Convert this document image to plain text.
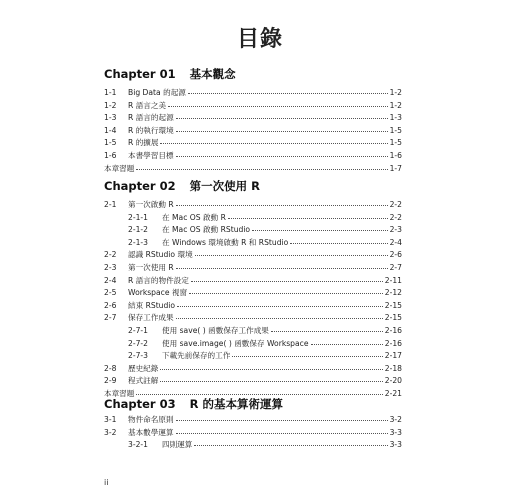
目錄
Chapter 01 基本觀念
1-1	Big Data 的起源	1-2
1-2	R 語言之美	1-2
1-3	R 語言的起源	1-3
1-4	R 的執行環境	1-5
1-5	R 的擴展	1-5
1-6	本書學習目標	1-6
本章習題	1-7
Chapter 02 第一次使用 R
2-1	第一次啟動 R	2-2
2-1-1	在 Mac OS 啟動 R	2-2
2-1-2	在 Mac OS 啟動 RStudio	2-3
2-1-3	在 Windows 環境啟動 R 和 RStudio	2-4
2-2	認識 RStudio 環境	2-6
2-3	第一次使用 R	2-7
2-4	R 語言的物件設定	2-11
2-5	Workspace 視窗	2-12
2-6	結束 RStudio	2-15
2-7	保存工作成果	2-15
2-7-1	使用 save( ) 函數保存工作成果	2-16
2-7-2	使用 save.image( ) 函數保存 Workspace	2-16
2-7-3	下載先前保存的工作	2-17
2-8	歷史紀錄	2-18
2-9	程式註解	2-20
本章習題	2-21
Chapter 03 R 的基本算術運算
3-1	物件命名原則	3-2
3-2	基本數學運算	3-3
3-2-1	四則運算	3-3
ii
